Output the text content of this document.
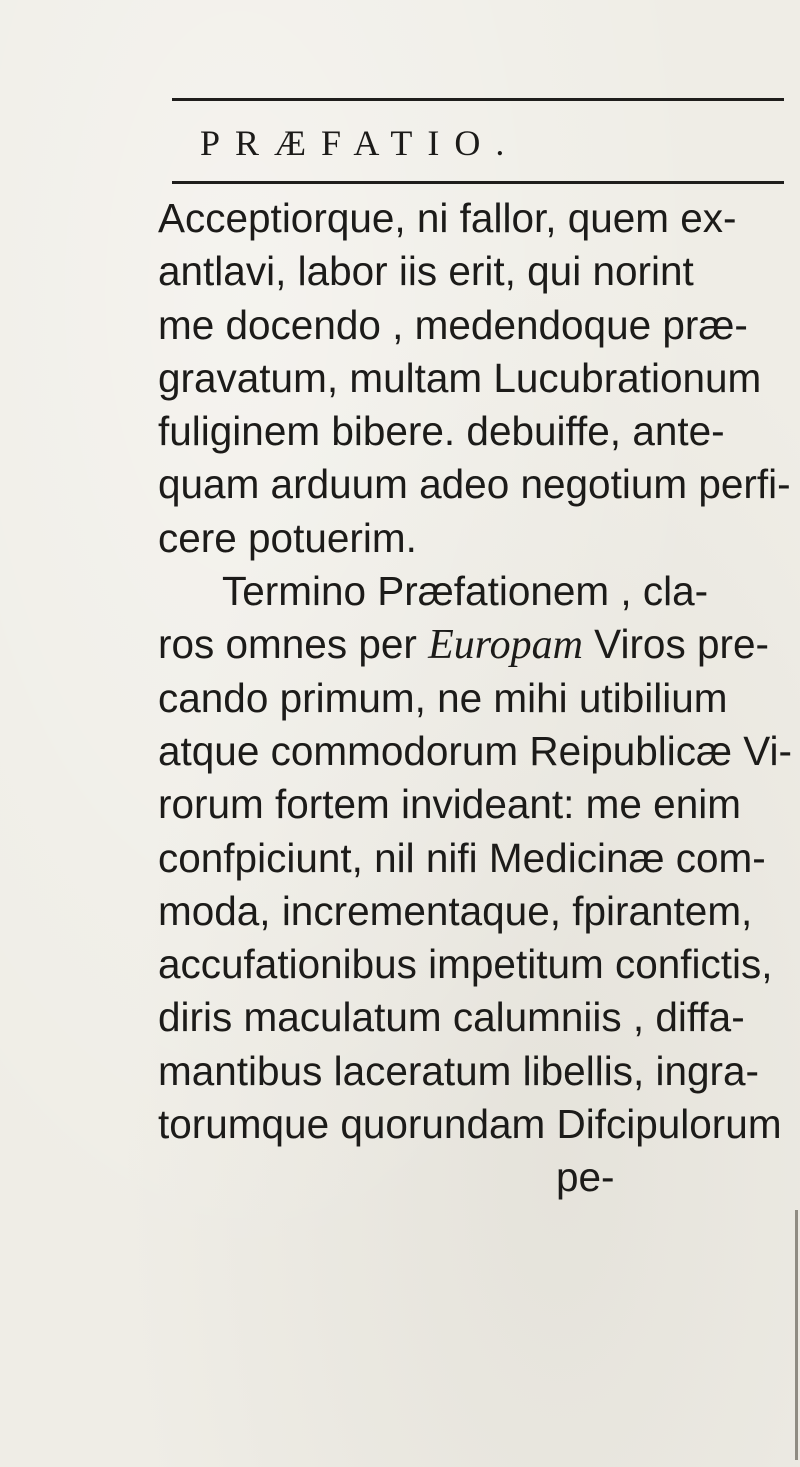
PRÆFATIO.
Acceptiorque, ni fallor, quem ex-
antlavi, labor iis erit, qui norint
me docendo , medendoque præ-
gravatum, multam Lucubrationum
fuliginem bibere. debuiffe, ante-
quam arduum adeo negotium perfi-
cere potuerim.
Termino Præfationem , cla-
ros omnes per Europam Viros pre-
cando primum, ne mihi utibilium
atque commodorum Reipublicæ Vi-
rorum fortem invideant: me enim
confpiciunt, nil nifi Medicinæ com-
moda, incrementaque, fpirantem,
accufationibus impetitum confictis,
diris maculatum calumniis , diffa-
mantibus laceratum libellis, ingra-
torumque quorundam Difcipulorum
pe-
